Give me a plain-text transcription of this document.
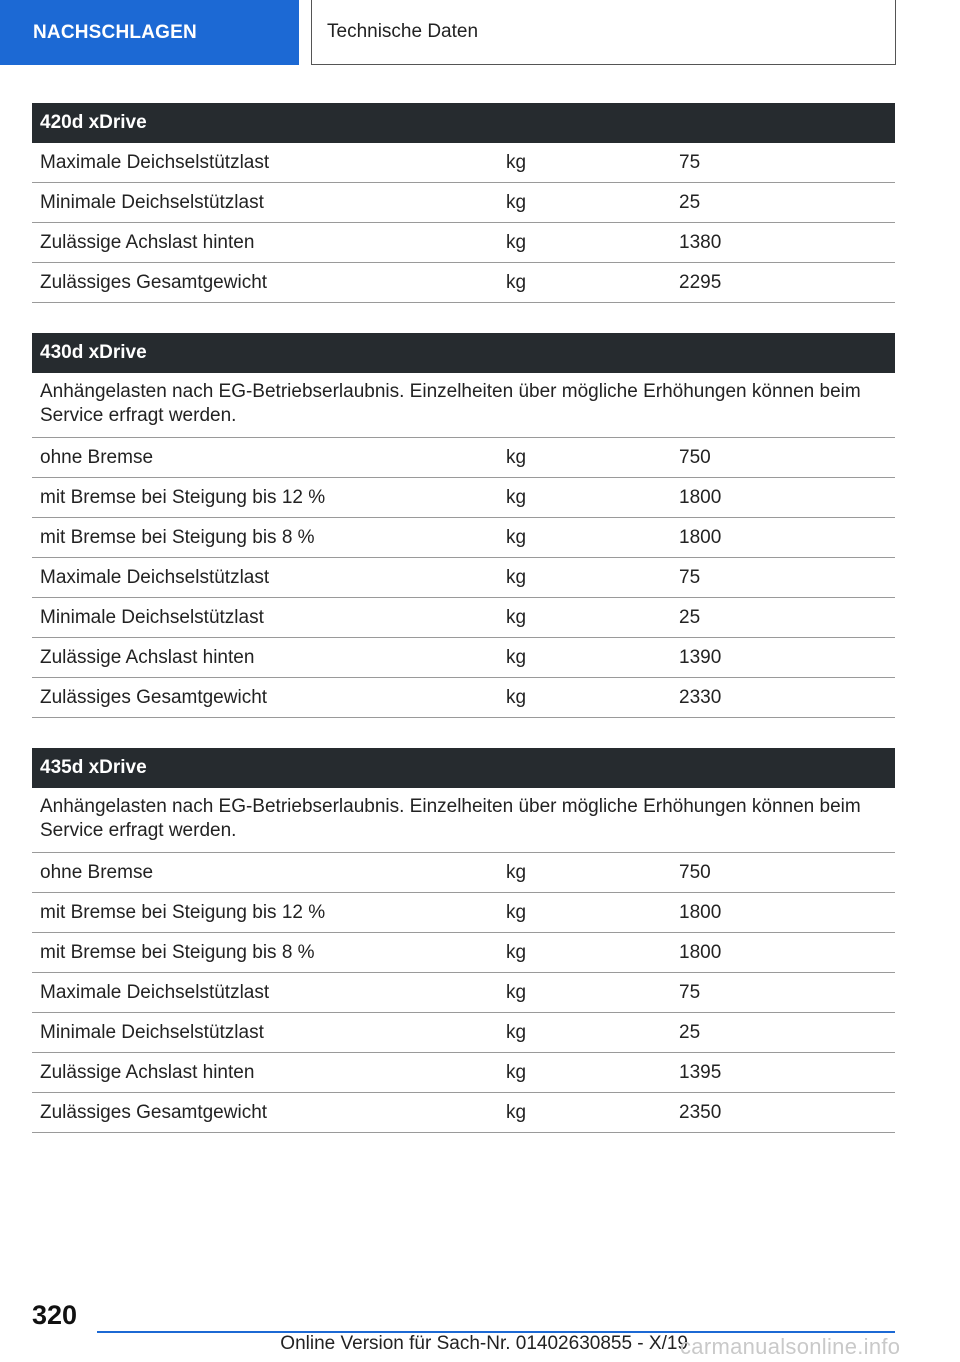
NACHSCHLAGEN	Technische Daten
420d xDrive
Maximale Deichselstützlast	kg	75
Minimale Deichselstützlast	kg	25
Zulässige Achslast hinten	kg	1380
Zulässiges Gesamtgewicht	kg	2295
430d xDrive
Anhängelasten nach EG-Betriebserlaubnis. Einzelheiten über mögliche Erhöhungen können beim Service erfragt werden.
ohne Bremse	kg	750
mit Bremse bei Steigung bis 12 %	kg	1800
mit Bremse bei Steigung bis 8 %	kg	1800
Maximale Deichselstützlast	kg	75
Minimale Deichselstützlast	kg	25
Zulässige Achslast hinten	kg	1390
Zulässiges Gesamtgewicht	kg	2330
435d xDrive
Anhängelasten nach EG-Betriebserlaubnis. Einzelheiten über mögliche Erhöhungen können beim Service erfragt werden.
ohne Bremse	kg	750
mit Bremse bei Steigung bis 12 %	kg	1800
mit Bremse bei Steigung bis 8 %	kg	1800
Maximale Deichselstützlast	kg	75
Minimale Deichselstützlast	kg	25
Zulässige Achslast hinten	kg	1395
Zulässiges Gesamtgewicht	kg	2350
320
Online Version für Sach-Nr. 01402630855 - X/19
carmanualsonline.info
